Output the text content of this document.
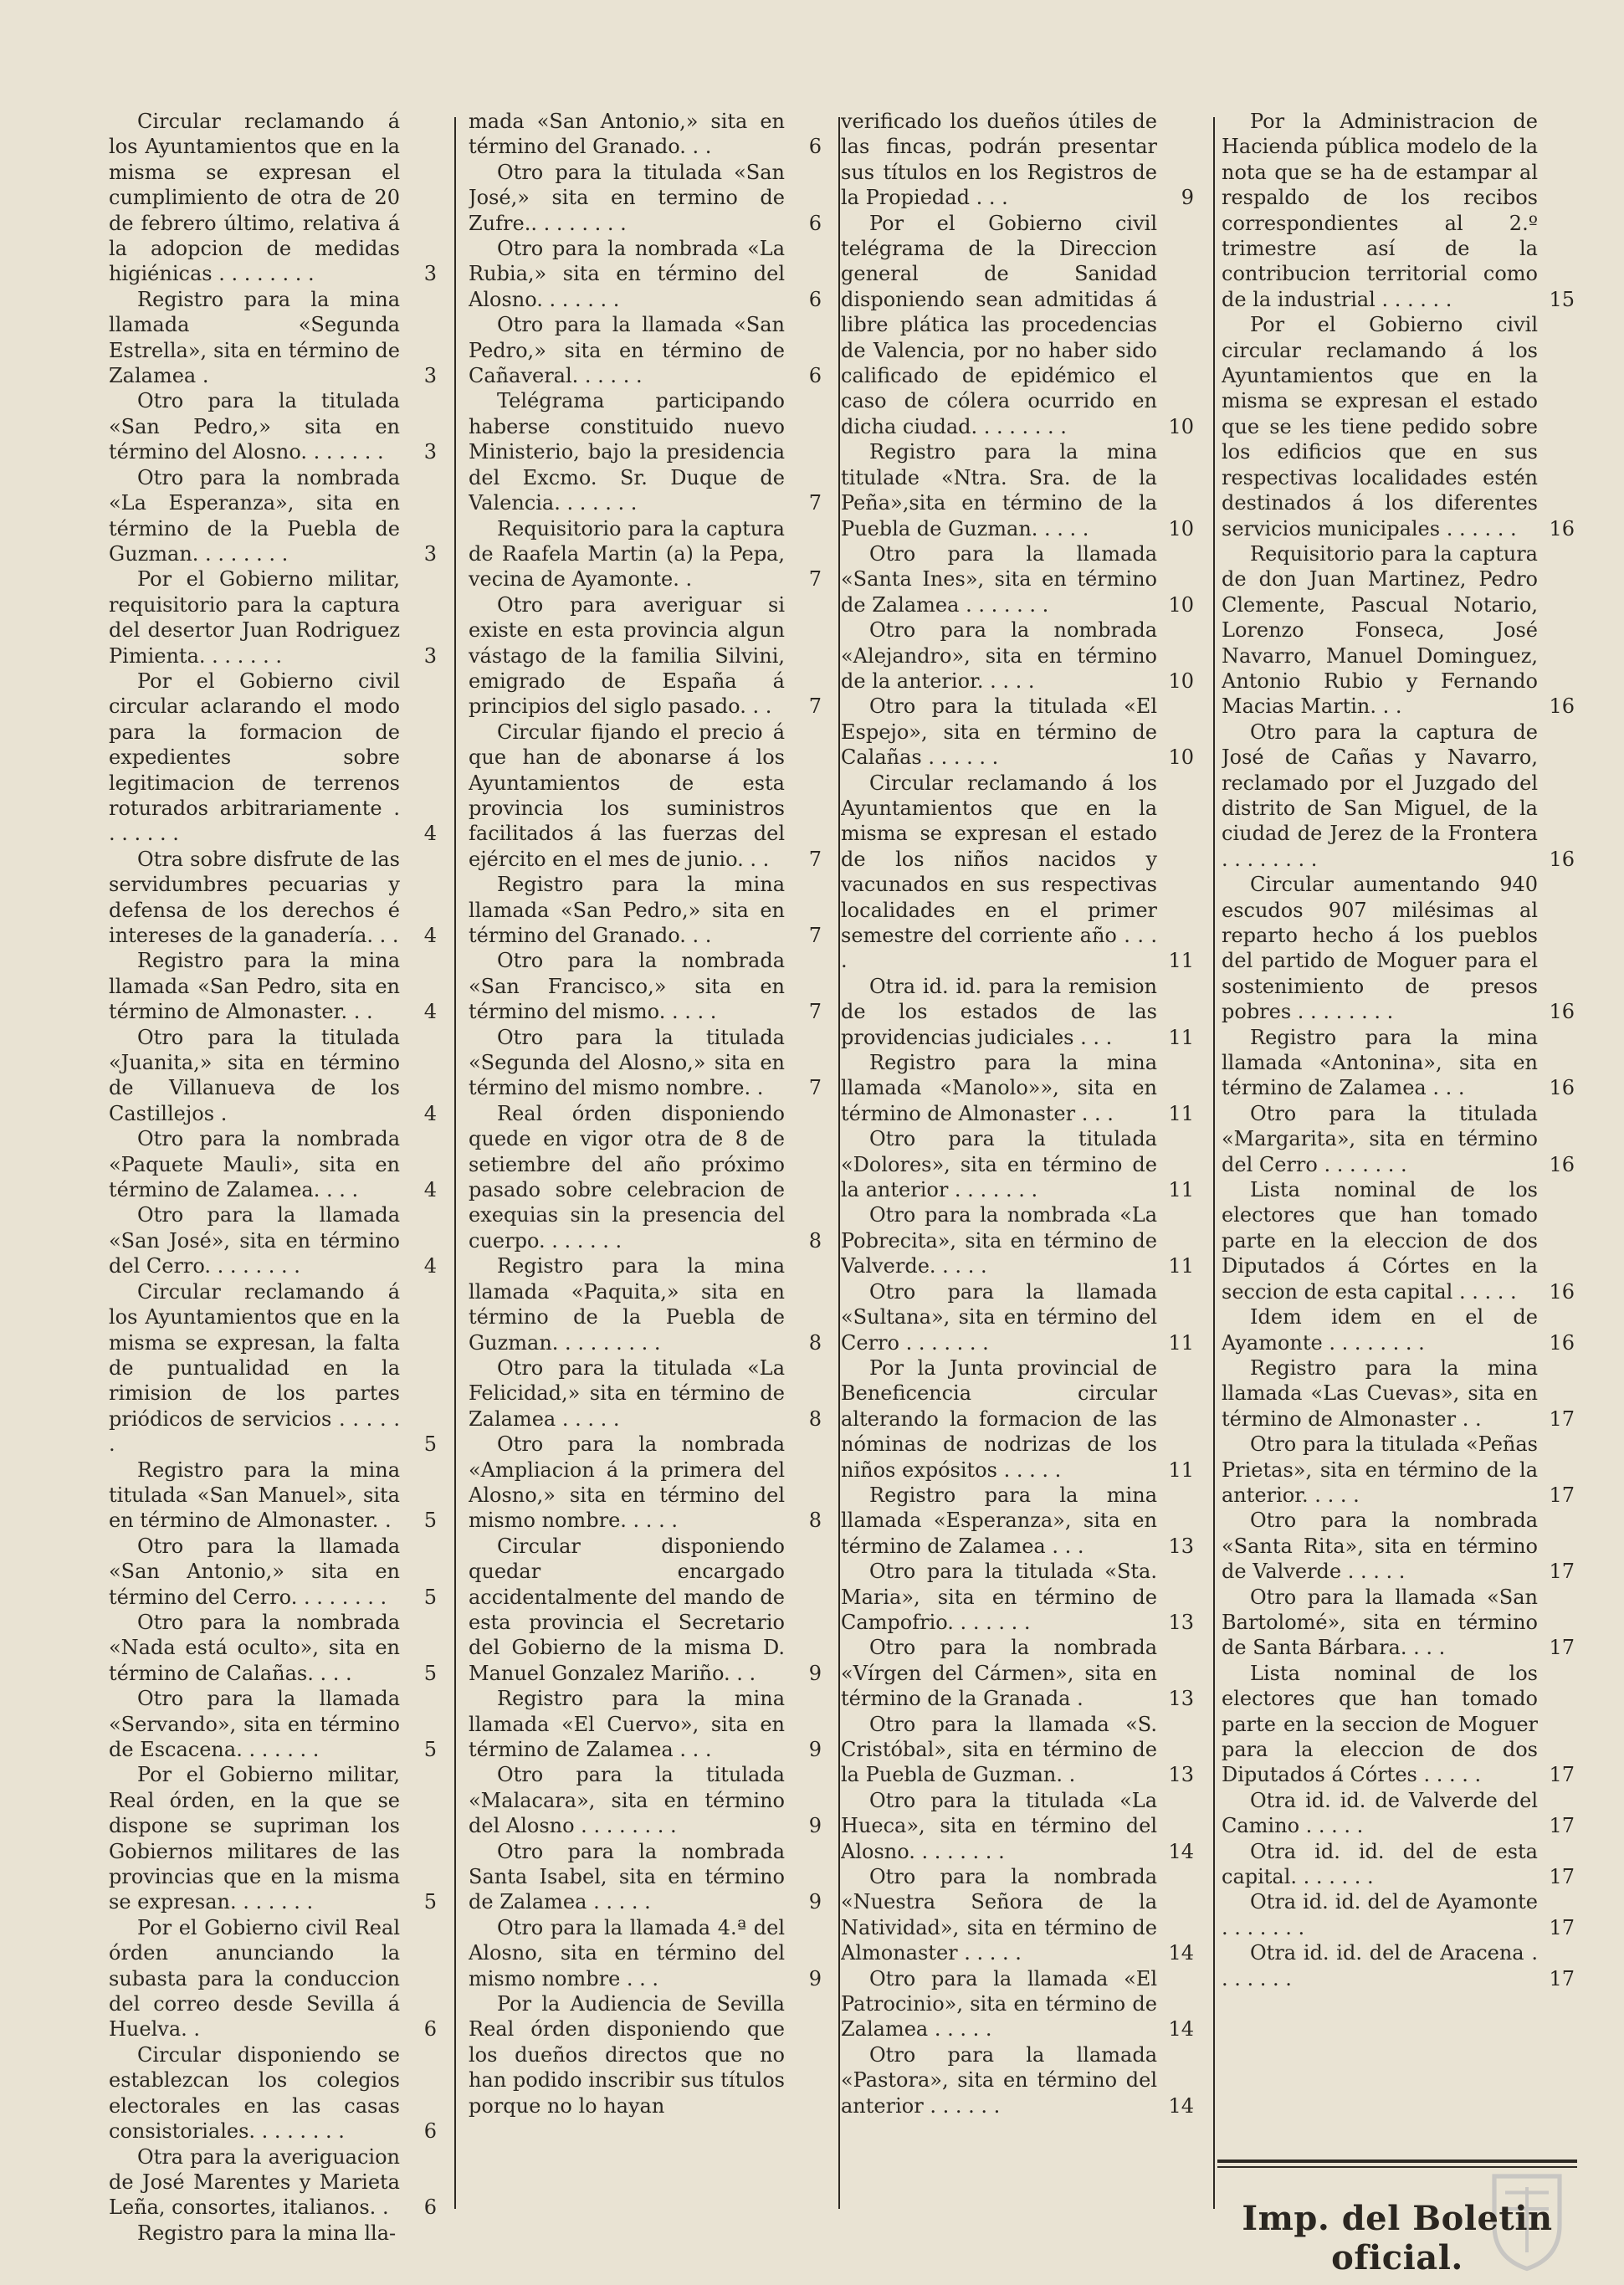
Circular reclamando á los Ayuntamientos que en la misma se expresan el cumplimiento de otra de 20 de febrero último, relativa á la adopcion de medidas higiénicas . . . . . . . .	3
Registro para la mina llamada «Segunda Estrella», sita en término de Zalamea .	3
Otro para la titulada «San Pedro,» sita en término del Alosno. . . . . . .	3
Otro para la nombrada «La Esperanza», sita en término de la Puebla de Guzman. . . . . . . .	3
Por el Gobierno militar, requisitorio para la captura del desertor Juan Rodriguez Pimienta. . . . . . .	3
Por el Gobierno civil circular aclarando el modo para la formacion de expedientes sobre legitimacion de terrenos roturados arbitrariamente . . . . . . .	4
Otra sobre disfrute de las servidumbres pecuarias y defensa de los derechos é intereses de la ganadería. . .	4
Registro para la mina llamada «San Pedro, sita en término de Almonaster. . .	4
Otro para la titulada «Juanita,» sita en término de Villanueva de los Castillejos .	4
Otro para la nombrada «Paquete Mauli», sita en término de Zalamea. . . .	4
Otro para la llamada «San José», sita en término del Cerro. . . . . . . .	4
Circular reclamando á los Ayuntamientos que en la misma se expresan, la falta de puntualidad en la rimision de los partes priódicos de servicios . . . . . .	5
Registro para la mina titulada «San Manuel», sita en término de Almonaster. .	5
Otro para la llamada «San Antonio,» sita en término del Cerro. . . . . . . .	5
Otro para la nombrada «Nada está oculto», sita en término de Calañas. . . .	5
Otro para la llamada «Servando», sita en término de Escacena. . . . . . .	5
Por el Gobierno militar, Real órden, en la que se dispone se supriman los Gobiernos militares de las provincias que en la misma se expresan. . . . . . .	5
Por el Gobierno civil Real órden anunciando la subasta para la conduccion del correo desde Sevilla á Huelva. .	6
Circular disponiendo se establezcan los colegios electorales en las casas consistoriales. . . . . . . .	6
Otra para la averiguacion de José Marentes y Marieta Leña, consortes, italianos. .	6
Registro para la mina lla-
mada «San Antonio,» sita en término del Granado. . .	6
Otro para la titulada «San José,» sita en termino de Zufre.. . . . . . . .	6
Otro para la nombrada «La Rubia,» sita en término del Alosno. . . . . . .	6
Otro para la llamada «San Pedro,» sita en término de Cañaveral. . . . . .	6
Telégrama participando haberse constituido nuevo Ministerio, bajo la presidencia del Excmo. Sr. Duque de Valencia. . . . . . .	7
Requisitorio para la captura de Raafela Martin (a) la Pepa, vecina de Ayamonte. .	7
Otro para averiguar si existe en esta provincia algun vástago de la familia Silvini, emigrado de España á principios del siglo pasado. . .	7
Circular fijando el precio á que han de abonarse á los Ayuntamientos de esta provincia los suministros facilitados á las fuerzas del ejército en el mes de junio. . .	7
Registro para la mina llamada «San Pedro,» sita en término del Granado. . .	7
Otro para la nombrada «San Francisco,» sita en término del mismo. . . . .	7
Otro para la titulada «Segunda del Alosno,» sita en término del mismo nombre. .	7
Real órden disponiendo quede en vigor otra de 8 de setiembre del año próximo pasado sobre celebracion de exequias sin la presencia del cuerpo. . . . . . .	8
Registro para la mina llamada «Paquita,» sita en término de la Puebla de Guzman. . . . . . . . .	8
Otro para la titulada «La Felicidad,» sita en término de Zalamea . . . . .	8
Otro para la nombrada «Ampliacion á la primera del Alosno,» sita en término del mismo nombre. . . . .	8
Circular disponiendo quedar encargado accidentalmente del mando de esta provincia el Secretario del Gobierno de la misma D. Manuel Gonzalez Mariño. . .	9
Registro para la mina llamada «El Cuervo», sita en término de Zalamea . . .	9
Otro para la titulada «Malacara», sita en término del Alosno . . . . . . . .	9
Otro para la nombrada Santa Isabel, sita en término de Zalamea . . . . .	9
Otro para la llamada 4.ª del Alosno, sita en término del mismo nombre . . .	9
Por la Audiencia de Sevilla Real órden disponiendo que los dueños directos que no han podido inscribir sus títulos porque no lo hayan
verificado los dueños útiles de las fincas, podrán presentar sus títulos en los Registros de la Propiedad . . .	9
Por el Gobierno civil telégrama de la Direccion general de Sanidad disponiendo sean admitidas á libre plática las procedencias de Valencia, por no haber sido calificado de epidémico el caso de cólera ocurrido en dicha ciudad. . . . . . . .	10
Registro para la mina titulade «Ntra. Sra. de la Peña»,sita en término de la Puebla de Guzman. . . . .	10
Otro para la llamada «Santa Ines», sita en término de Zalamea . . . . . . .	10
Otro para la nombrada «Alejandro», sita en término de la anterior. . . . .	10
Otro para la titulada «El Espejo», sita en término de Calañas . . . . . .	10
Circular reclamando á los Ayuntamientos que en la misma se expresan el estado de los niños nacidos y vacunados en sus respectivas localidades en el primer semestre del corriente año . . . .	11
Otra id. id. para la remision de los estados de las providencias judiciales . . .	11
Registro para la mina llamada «Manolo»», sita en término de Almonaster . . .	11
Otro para la titulada «Dolores», sita en término de la anterior . . . . . . .	11
Otro para la nombrada «La Pobrecita», sita en término de Valverde. . . . .	11
Otro para la llamada «Sultana», sita en término del Cerro . . . . . . .	11
Por la Junta provincial de Beneficencia circular alterando la formacion de las nóminas de nodrizas de los niños expósitos . . . . .	11
Registro para la mina llamada «Esperanza», sita en término de Zalamea . . .	13
Otro para la titulada «Sta. Maria», sita en término de Campofrio. . . . . . .	13
Otro para la nombrada «Vírgen del Cármen», sita en término de la Granada .	13
Otro para la llamada «S. Cristóbal», sita en término de la Puebla de Guzman. .	13
Otro para la titulada «La Hueca», sita en término del Alosno. . . . . . . .	14
Otro para la nombrada «Nuestra Señora de la Natividad», sita en término de Almonaster . . . . .	14
Otro para la llamada «El Patrocinio», sita en término de Zalamea . . . . .	14
Otro para la llamada «Pastora», sita en término del anterior . . . . . .	14
Por la Administracion de Hacienda pública modelo de la nota que se ha de estampar al respaldo de los recibos correspondientes al 2.º trimestre así de la contribucion territorial como de la industrial . . . . . .	15
Por el Gobierno civil circular reclamando á los Ayuntamientos que en la misma se expresan el estado que se les tiene pedido sobre los edificios que en sus respectivas localidades estén destinados á los diferentes servicios municipales . . . . . .	16
Requisitorio para la captura de don Juan Martinez, Pedro Clemente, Pascual Notario, Lorenzo Fonseca, José Navarro, Manuel Dominguez, Antonio Rubio y Fernando Macias Martin. . .	16
Otro para la captura de José de Cañas y Navarro, reclamado por el Juzgado del distrito de San Miguel, de la ciudad de Jerez de la Frontera . . . . . . . .	16
Circular aumentando 940 escudos 907 milésimas al reparto hecho á los pueblos del partido de Moguer para el sostenimiento de presos pobres . . . . . . . .	16
Registro para la mina llamada «Antonina», sita en término de Zalamea . . .	16
Otro para la titulada «Margarita», sita en término del Cerro . . . . . . .	16
Lista nominal de los electores que han tomado parte en la eleccion de dos Diputados á Córtes en la seccion de esta capital . . . . .	16
Idem idem en el de Ayamonte . . . . . . . .	16
Registro para la mina llamada «Las Cuevas», sita en término de Almonaster . .	17
Otro para la titulada «Peñas Prietas», sita en término de la anterior. . . . .	17
Otro para la nombrada «Santa Rita», sita en término de Valverde . . . . .	17
Otro para la llamada «San Bartolomé», sita en término de Santa Bárbara. . . .	17
Lista nominal de los electores que han tomado parte en la seccion de Moguer para la eleccion de dos Diputados á Córtes . . . . .	17
Otra id. id. de Valverde del Camino . . . . .	17
Otra id. id. del de esta capital. . . . . . .	17
Otra id. id. del de Ayamonte . . . . . . .	17
Otra id. id. del de Aracena . . . . . . .	17
Imp. del Boletin oficial.
